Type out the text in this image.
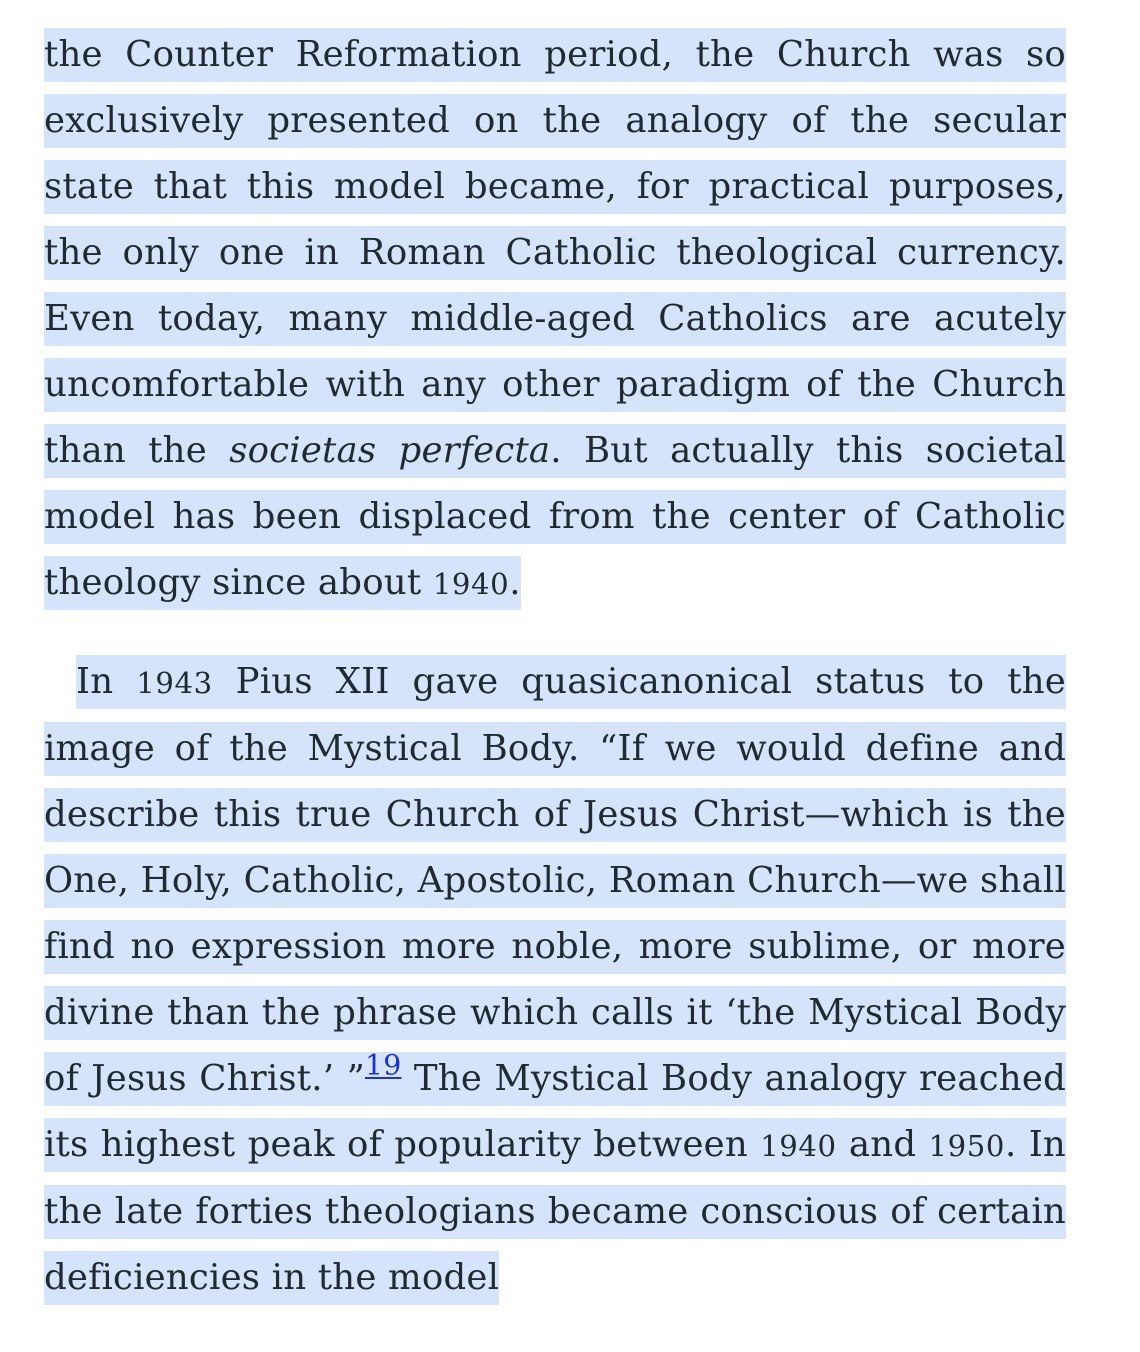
the Counter Reformation period, the Church was so exclusively presented on the analogy of the secular state that this model became, for practical purposes, the only one in Roman Catholic theological currency. Even today, many middle-aged Catholics are acutely uncomfortable with any other paradigm of the Church than the societas perfecta. But actually this societal model has been displaced from the center of Catholic theology since about 1940.

In 1943 Pius XII gave quasicanonical status to the image of the Mystical Body. “If we would define and describe this true Church of Jesus Christ—which is the One, Holy, Catholic, Apostolic, Roman Church—we shall find no expression more noble, more sublime, or more divine than the phrase which calls it ‘the Mystical Body of Jesus Christ.’ ”$^{19}$ The Mystical Body analogy reached its highest peak of popularity between 1940 and 1950. In the late forties theologians became conscious of certain deficiencies in the model
